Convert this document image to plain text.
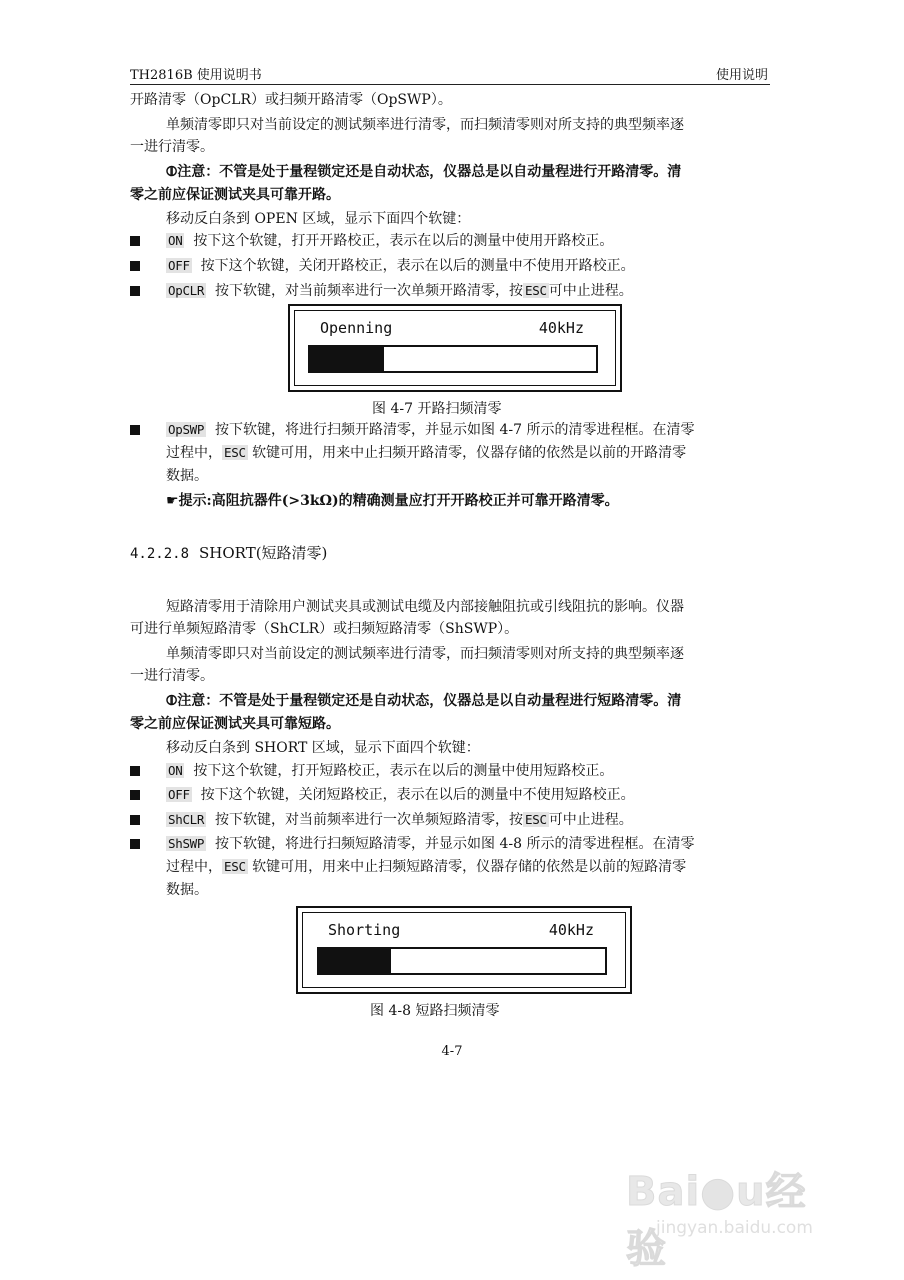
TH2816B 使用说明书	使用说明
开路清零（OpCLR）或扫频开路清零（OpSWP）。
单频清零即只对当前设定的测试频率进行清零，而扫频清零则对所支持的典型频率逐
一进行清零。
⦷注意：不管是处于量程锁定还是自动状态，仪器总是以自动量程进行开路清零。清
零之前应保证测试夹具可靠开路。
移动反白条到 OPEN 区域，显示下面四个软键：
ON 按下这个软键，打开开路校正，表示在以后的测量中使用开路校正。
OFF 按下这个软键，关闭开路校正，表示在以后的测量中不使用开路校正。
OpCLR 按下软键，对当前频率进行一次单频开路清零，按 ESC 可中止进程。
Openning	40kHz
图 4-7 开路扫频清零
OpSWP 按下软键，将进行扫频开路清零，并显示如图 4-7 所示的清零进程框。在清零
过程中， ESC 软键可用，用来中止扫频开路清零，仪器存储的依然是以前的开路清零
数据。
☛提示:高阻抗器件(>3kΩ)的精确测量应打开开路校正并可靠开路清零。
4.2.2.8 SHORT(短路清零)
短路清零用于清除用户测试夹具或测试电缆及内部接触阻抗或引线阻抗的影响。仪器
可进行单频短路清零（ShCLR）或扫频短路清零（ShSWP）。
单频清零即只对当前设定的测试频率进行清零，而扫频清零则对所支持的典型频率逐
一进行清零。
⦷注意：不管是处于量程锁定还是自动状态，仪器总是以自动量程进行短路清零。清
零之前应保证测试夹具可靠短路。
移动反白条到 SHORT 区域，显示下面四个软键：
ON 按下这个软键，打开短路校正，表示在以后的测量中使用短路校正。
OFF 按下这个软键，关闭短路校正，表示在以后的测量中不使用短路校正。
ShCLR 按下软键，对当前频率进行一次单频短路清零，按 ESC 可中止进程。
ShSWP 按下软键，将进行扫频短路清零，并显示如图 4-8 所示的清零进程框。在清零
过程中， ESC 软键可用，用来中止扫频短路清零，仪器存储的依然是以前的短路清零
数据。
Shorting	40kHz
图 4-8 短路扫频清零
4-7
Bai●u经验
jingyan.baidu.com
